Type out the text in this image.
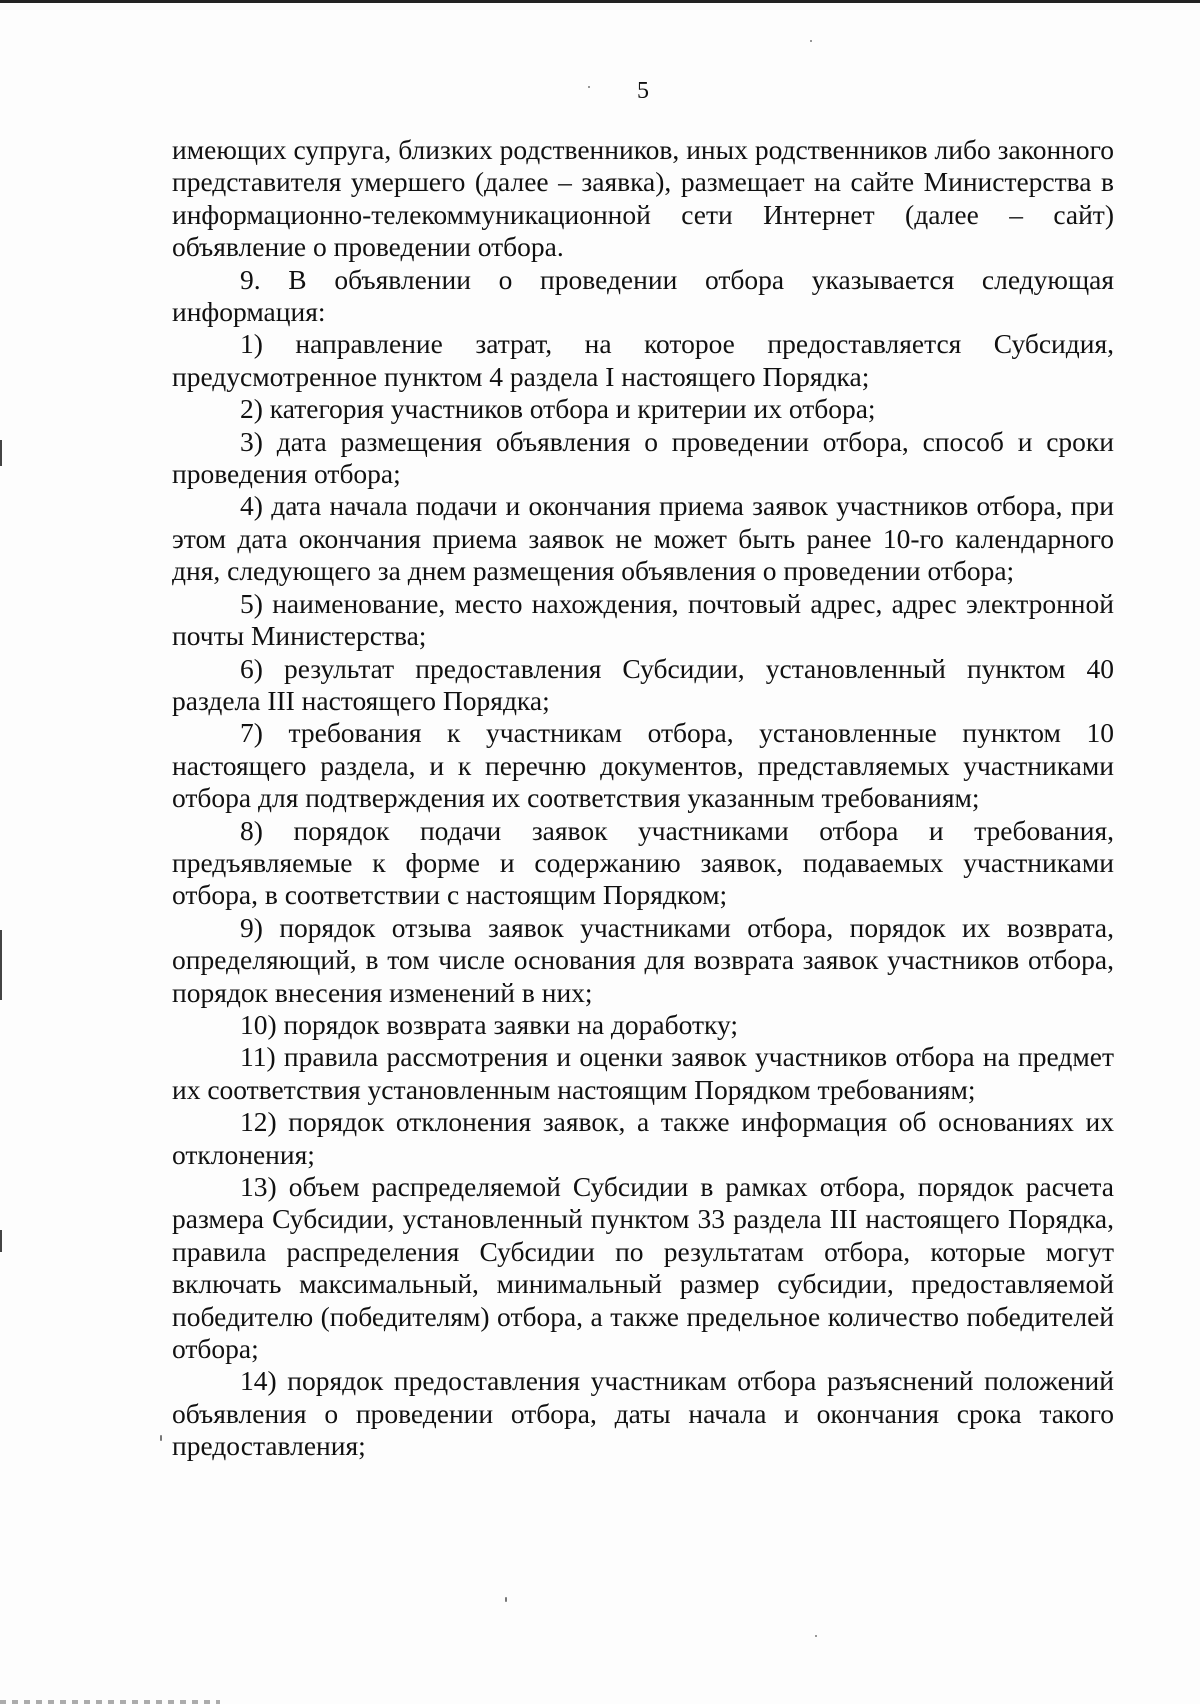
5

имеющих супруга, близких родственников, иных родственников либо законного представителя умершего (далее – заявка), размещает на сайте Министерства в информационно-телекоммуникационной сети Интернет (далее – сайт) объявление о проведении отбора.

9. В объявлении о проведении отбора указывается следующая информация:

1) направление затрат, на которое предоставляется Субсидия, предусмотренное пунктом 4 раздела I настоящего Порядка;

2) категория участников отбора и критерии их отбора;

3) дата размещения объявления о проведении отбора, способ и сроки проведения отбора;

4) дата начала подачи и окончания приема заявок участников отбора, при этом дата окончания приема заявок не может быть ранее 10-го календарного дня, следующего за днем размещения объявления о проведении отбора;

5) наименование, место нахождения, почтовый адрес, адрес электронной почты Министерства;

6) результат предоставления Субсидии, установленный пунктом 40 раздела III настоящего Порядка;

7) требования к участникам отбора, установленные пунктом 10 настоящего раздела, и к перечню документов, представляемых участниками отбора для подтверждения их соответствия указанным требованиям;

8) порядок подачи заявок участниками отбора и требования, предъявляемые к форме и содержанию заявок, подаваемых участниками отбора, в соответствии с настоящим Порядком;

9) порядок отзыва заявок участниками отбора, порядок их возврата, определяющий, в том числе основания для возврата заявок участников отбора, порядок внесения изменений в них;

10) порядок возврата заявки на доработку;

11) правила рассмотрения и оценки заявок участников отбора на предмет их соответствия установленным настоящим Порядком требованиям;

12) порядок отклонения заявок, а также информация об основаниях их отклонения;

13) объем распределяемой Субсидии в рамках отбора, порядок расчета размера Субсидии, установленный пунктом 33 раздела III настоящего Порядка, правила распределения Субсидии по результатам отбора, которые могут включать максимальный, минимальный размер субсидии, предоставляемой победителю (победителям) отбора, а также предельное количество победителей отбора;

14) порядок предоставления участникам отбора разъяснений положений объявления о проведении отбора, даты начала и окончания срока такого предоставления;
